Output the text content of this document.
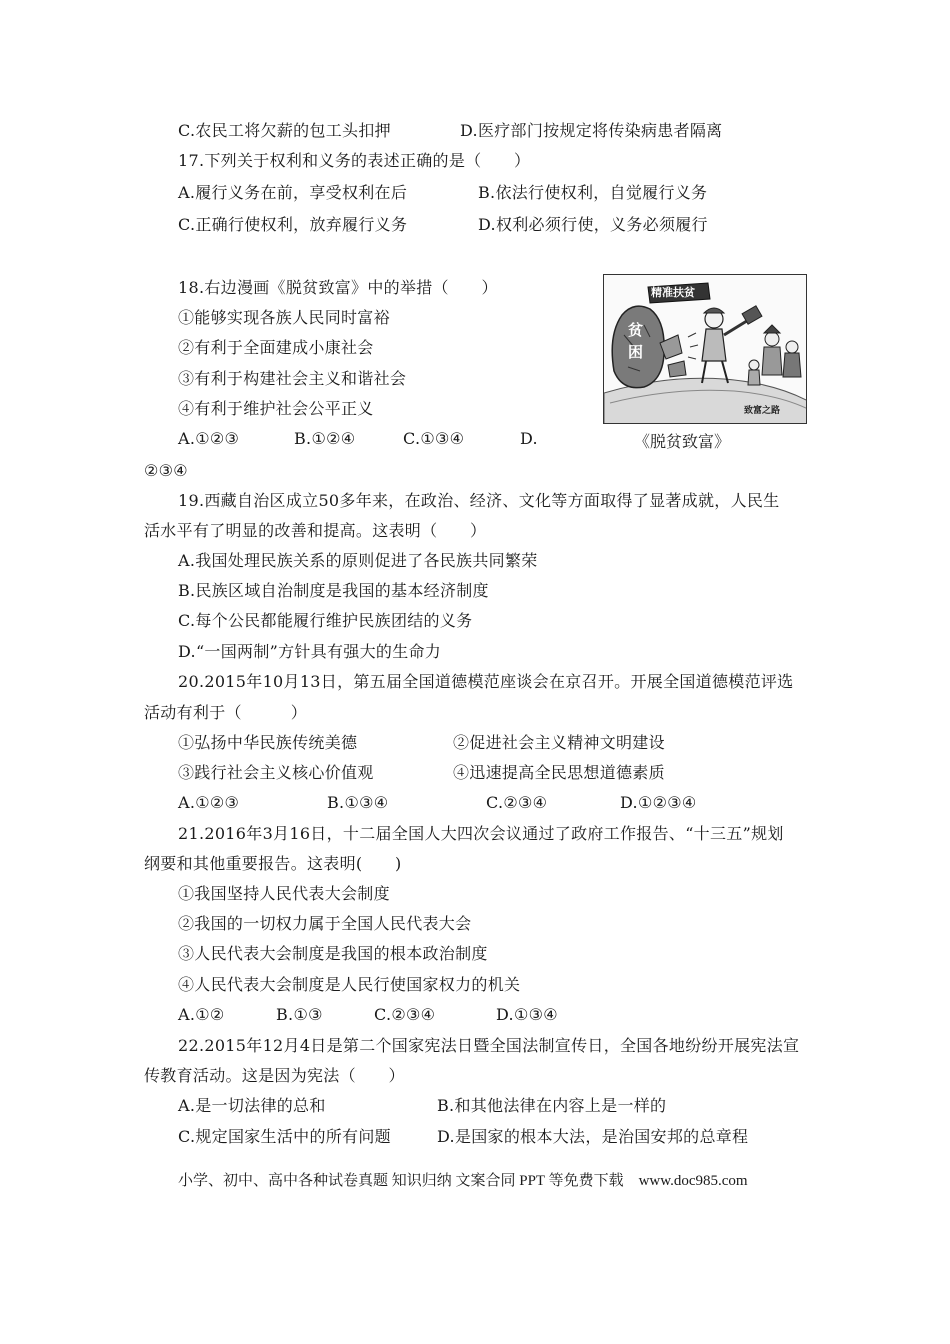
C.农民工将欠薪的包工头扣押	D.医疗部门按规定将传染病患者隔离
17.下列关于权利和义务的表述正确的是（　　）
A.履行义务在前，享受权利在后	B.依法行使权利，自觉履行义务
C.正确行使权利，放弃履行义务	D.权利必须行使，义务必须履行
18.右边漫画《脱贫致富》中的举措（　　）
①能够实现各族人民同时富裕
②有利于全面建成小康社会
③有利于构建社会主义和谐社会
④有利于维护社会公平正义
A.①②③	B.①②④	C.①③④	D.
②③④
19.西藏自治区成立50多年来，在政治、经济、文化等方面取得了显著成就，人民生
活水平有了明显的改善和提高。这表明（　　）
A.我国处理民族关系的原则促进了各民族共同繁荣
B.民族区域自治制度是我国的基本经济制度
C.每个公民都能履行维护民族团结的义务
D.“一国两制”方针具有强大的生命力
20.2015年10月13日，第五届全国道德模范座谈会在京召开。开展全国道德模范评选
活动有利于（　　　）
①弘扬中华民族传统美德	②促进社会主义精神文明建设
③践行社会主义核心价值观	④迅速提高全民思想道德素质
A.①②③	B.①③④	C.②③④	D.①②③④
21.2016年3月16日，十二届全国人大四次会议通过了政府工作报告、“十三五”规划
纲要和其他重要报告。这表明(　　)
①我国坚持人民代表大会制度
②我国的一切权力属于全国人民代表大会
③人民代表大会制度是我国的根本政治制度
④人民代表大会制度是人民行使国家权力的机关
A.①②	B.①③	C.②③④	D.①③④
22.2015年12月4日是第二个国家宪法日暨全国法制宣传日，全国各地纷纷开展宪法宣
传教育活动。这是因为宪法（　　）
A.是一切法律的总和	B.和其他法律在内容上是一样的
C.规定国家生活中的所有问题	D.是国家的根本大法，是治国安邦的总章程
精准扶贫
贫
困
致富之路
《脱贫致富》
小学、初中、高中各种试卷真题 知识归纳 文案合同 PPT 等免费下载　www.doc985.com
